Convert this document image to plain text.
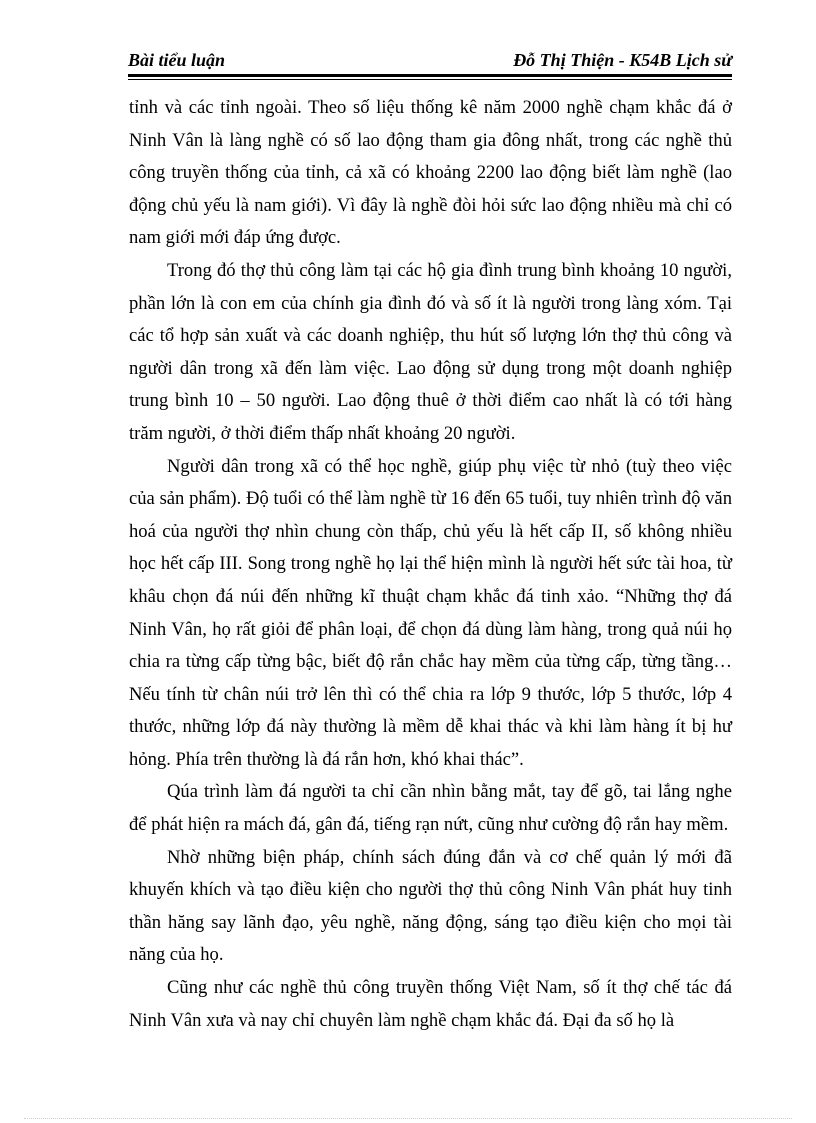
Bài tiểu luận	Đỗ Thị Thiện - K54B Lịch sử

tỉnh và các tỉnh ngoài. Theo số liệu thống kê năm 2000 nghề chạm khắc đá ở Ninh Vân là làng nghề có số lao động tham gia đông nhất, trong các nghề thủ công truyền thống của tỉnh, cả xã có khoảng 2200 lao động biết làm nghề (lao động chủ yếu là nam giới). Vì đây là nghề đòi hỏi sức lao động nhiều mà chỉ có nam giới mới đáp ứng được.

Trong đó thợ thủ công làm tại các hộ gia đình trung bình khoảng 10 người, phần lớn là con em của chính gia đình đó và số ít là người trong làng xóm. Tại các tổ hợp sản xuất và các doanh nghiệp, thu hút số lượng lớn thợ thủ công và người dân trong xã đến làm việc. Lao động sử dụng trong một doanh nghiệp trung bình 10 – 50 người. Lao động thuê ở thời điểm cao nhất là có tới hàng trăm người, ở thời điểm thấp nhất khoảng 20 người.

Người dân trong xã có thể học nghề, giúp phụ việc từ nhỏ (tuỳ theo việc của sản phẩm). Độ tuổi có thể làm nghề từ 16 đến 65 tuổi, tuy nhiên trình độ văn hoá của người thợ nhìn chung còn thấp, chủ yếu là hết cấp II, số không nhiều học hết cấp III. Song trong nghề họ lại thể hiện mình là người hết sức tài hoa, từ khâu chọn đá núi đến những kĩ thuật chạm khắc đá tinh xảo. “Những thợ đá Ninh Vân, họ rất giỏi để phân loại, để chọn đá dùng làm hàng, trong quả núi họ chia ra từng cấp từng bậc, biết độ rắn chắc hay mềm của từng cấp, từng tầng… Nếu tính từ chân núi trở lên thì có thể chia ra lớp 9 thước, lớp 5 thước, lớp 4 thước, những lớp đá này thường là mềm dễ khai thác và khi làm hàng ít bị hư hỏng. Phía trên thường là đá rắn hơn, khó khai thác”.

Qúa trình làm đá người ta chỉ cần nhìn bằng mắt, tay để gõ, tai lắng nghe để phát hiện ra mách đá, gân đá, tiếng rạn nứt, cũng như cường độ rắn hay mềm.

Nhờ những biện pháp, chính sách đúng đắn và cơ chế quản lý mới đã khuyến khích và tạo điều kiện cho người thợ thủ công Ninh Vân phát huy tinh thần hăng say lãnh đạo, yêu nghề, năng động, sáng tạo điều kiện cho mọi tài năng của họ.

Cũng như các nghề thủ công truyền thống Việt Nam, số ít thợ chế tác đá Ninh Vân xưa và nay chỉ chuyên làm nghề chạm khắc đá. Đại đa số họ là
